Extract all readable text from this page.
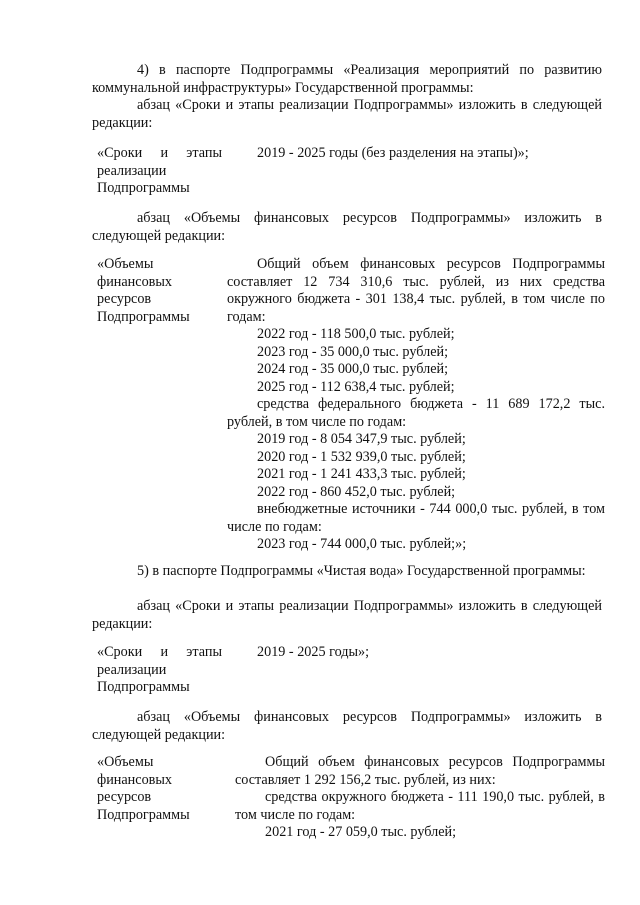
4) в паспорте Подпрограммы «Реализация мероприятий по развитию коммунальной инфраструктуры» Государственной программы:

абзац «Сроки и этапы реализации Подпрограммы» изложить в следующей редакции:

«Сроки и этапы
реализации
Подпрограммы
2019 - 2025 годы (без разделения на этапы)»;

абзац «Объемы финансовых ресурсов Подпрограммы» изложить в следующей редакции:

«Объемы
финансовых
ресурсов
Подпрограммы
Общий объем финансовых ресурсов Подпрограммы составляет 12 734 310,6 тыс. рублей, из них средства окружного бюджета - 301 138,4 тыс. рублей, в том числе по годам:
2022 год - 118 500,0 тыс. рублей;
2023 год - 35 000,0 тыс. рублей;
2024 год - 35 000,0 тыс. рублей;
2025 год - 112 638,4 тыс. рублей;
средства федерального бюджета - 11 689 172,2 тыс. рублей, в том числе по годам:
2019 год - 8 054 347,9 тыс. рублей;
2020 год - 1 532 939,0 тыс. рублей;
2021 год - 1 241 433,3 тыс. рублей;
2022 год - 860 452,0 тыс. рублей;
внебюджетные источники - 744 000,0 тыс. рублей, в том числе по годам:
2023 год - 744 000,0 тыс. рублей;»;

5) в паспорте Подпрограммы «Чистая вода» Государственной программы:

абзац «Сроки и этапы реализации Подпрограммы» изложить в следующей редакции:

«Сроки и этапы
реализации
Подпрограммы
2019 - 2025 годы»;

абзац «Объемы финансовых ресурсов Подпрограммы» изложить в следующей редакции:

«Объемы
финансовых
ресурсов
Подпрограммы
Общий объем финансовых ресурсов Подпрограммы составляет 1 292 156,2 тыс. рублей, из них:
средства окружного бюджета - 111 190,0 тыс. рублей, в том числе по годам:
2021 год - 27 059,0 тыс. рублей;
